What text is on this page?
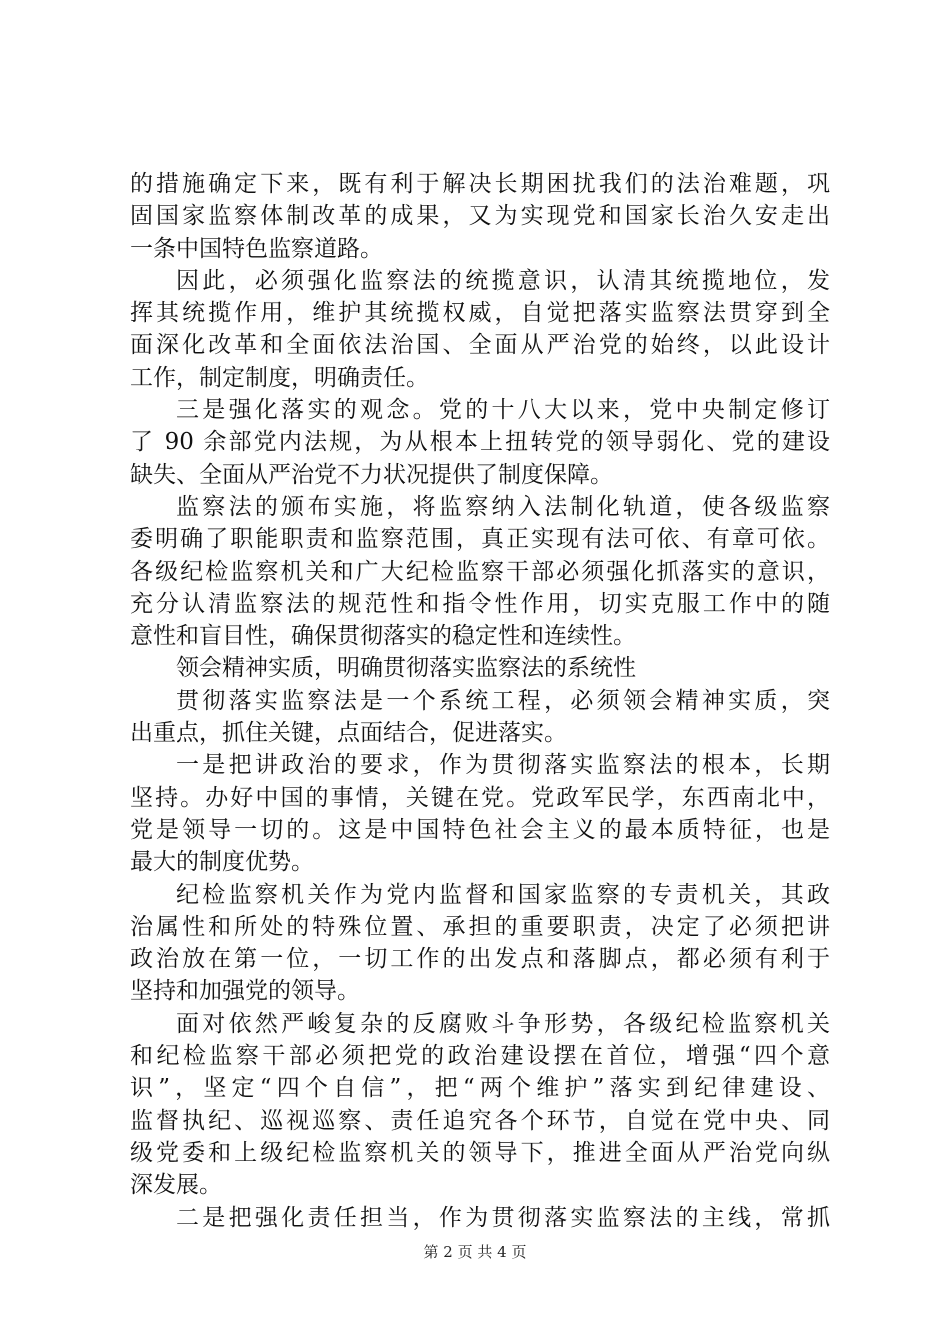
的措施确定下来，既有利于解决长期困扰我们的法治难题，巩
固国家监察体制改革的成果，又为实现党和国家长治久安走出
一条中国特色监察道路。
因此，必须强化监察法的统揽意识，认清其统揽地位，发
挥其统揽作用，维护其统揽权威，自觉把落实监察法贯穿到全
面深化改革和全面依法治国、全面从严治党的始终，以此设计
工作，制定制度，明确责任。
三是强化落实的观念。党的十八大以来，党中央制定修订
了 90 余部党内法规，为从根本上扭转党的领导弱化、党的建设
缺失、全面从严治党不力状况提供了制度保障。
监察法的颁布实施，将监察纳入法制化轨道，使各级监察
委明确了职能职责和监察范围，真正实现有法可依、有章可依。
各级纪检监察机关和广大纪检监察干部必须强化抓落实的意识，
充分认清监察法的规范性和指令性作用，切实克服工作中的随
意性和盲目性，确保贯彻落实的稳定性和连续性。
领会精神实质，明确贯彻落实监察法的系统性
贯彻落实监察法是一个系统工程，必须领会精神实质，突
出重点，抓住关键，点面结合，促进落实。
一是把讲政治的要求，作为贯彻落实监察法的根本，长期
坚持。办好中国的事情，关键在党。党政军民学，东西南北中，
党是领导一切的。这是中国特色社会主义的最本质特征，也是
最大的制度优势。
纪检监察机关作为党内监督和国家监察的专责机关，其政
治属性和所处的特殊位置、承担的重要职责，决定了必须把讲
政治放在第一位，一切工作的出发点和落脚点，都必须有利于
坚持和加强党的领导。
面对依然严峻复杂的反腐败斗争形势，各级纪检监察机关
和纪检监察干部必须把党的政治建设摆在首位，增强“四个意
识”，坚定“四个自信”，把“两个维护”落实到纪律建设、
监督执纪、巡视巡察、责任追究各个环节，自觉在党中央、同
级党委和上级纪检监察机关的领导下，推进全面从严治党向纵
深发展。
二是把强化责任担当，作为贯彻落实监察法的主线，常抓
第 2 页 共 4 页
